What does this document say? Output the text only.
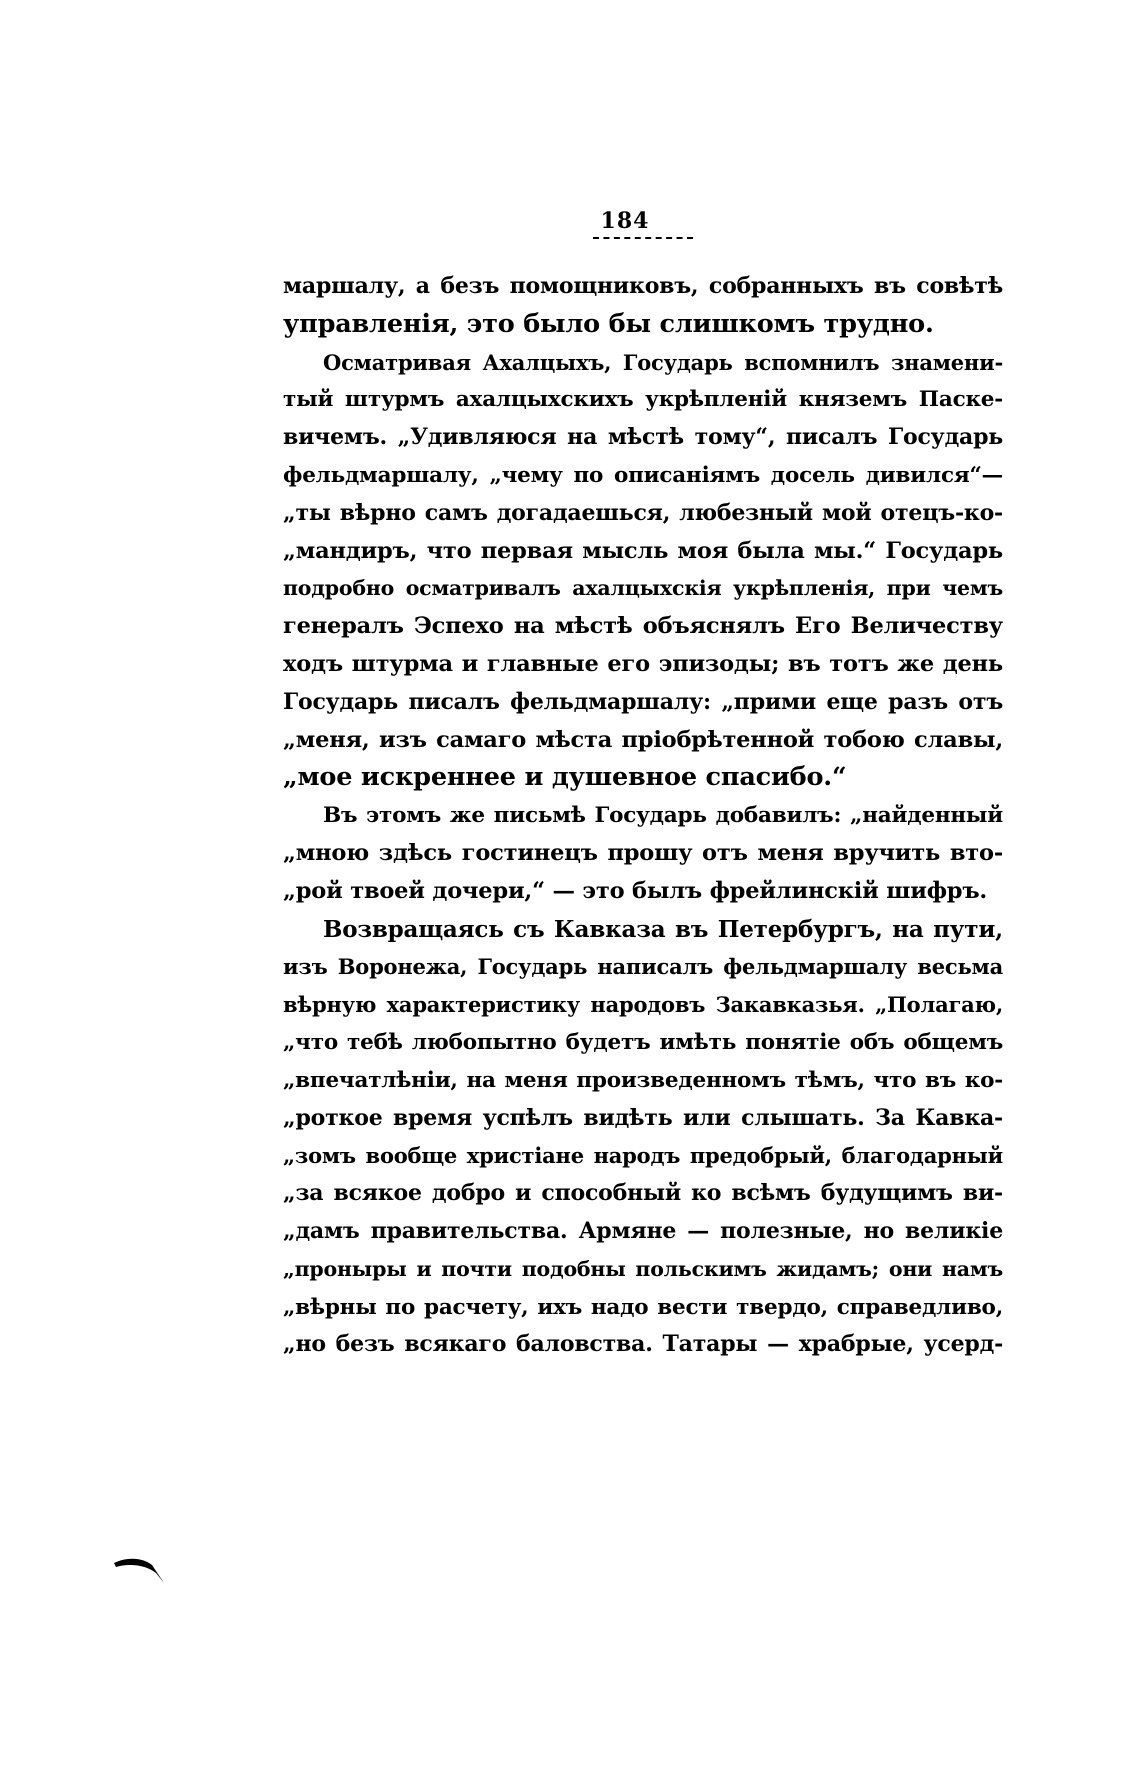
184
маршалу, а безъ помощниковъ, собранныхъ въ совѣтѣ
управленія, это было бы слишкомъ трудно.
Осматривая Ахалцыхъ, Государь вспомнилъ знамени-
тый штурмъ ахалцыхскихъ укрѣпленій княземъ Паске-
вичемъ. „Удивляюся на мѣстѣ тому“, писалъ Государь
фельдмаршалу, „чему по описаніямъ досель дивился“—
„ты вѣрно самъ догадаешься, любезный мой отецъ-ко-
„мандиръ, что первая мысль моя была мы.“ Государь
подробно осматривалъ ахалцыхскія укрѣпленія, при чемъ
генералъ Эспехо на мѣстѣ объяснялъ Его Величеству
ходъ штурма и главные его эпизоды; въ тотъ же день
Государь писалъ фельдмаршалу: „прими еще разъ отъ
„меня, изъ самаго мѣста пріобрѣтенной тобою славы,
„мое искреннее и душевное спасибо.“
Въ этомъ же письмѣ Государь добавилъ: „найденный
„мною здѣсь гостинецъ прошу отъ меня вручить вто-
„рой твоей дочери,“ — это былъ фрейлинскій шифръ.
Возвращаясь съ Кавказа въ Петербургъ, на пути,
изъ Воронежа, Государь написалъ фельдмаршалу весьма
вѣрную характеристику народовъ Закавказья. „Полагаю,
„что тебѣ любопытно будетъ имѣть понятіе объ общемъ
„впечатлѣніи, на меня произведенномъ тѣмъ, что въ ко-
„роткое время успѣлъ видѣть или слышать. За Кавка-
„зомъ вообще христіане народъ предобрый, благодарный
„за всякое добро и способный ко всѣмъ будущимъ ви-
„дамъ правительства. Армяне — полезные, но великіе
„проныры и почти подобны польскимъ жидамъ; они намъ
„вѣрны по расчету, ихъ надо вести твердо, справедливо,
„но безъ всякаго баловства. Татары — храбрые, усерд-
